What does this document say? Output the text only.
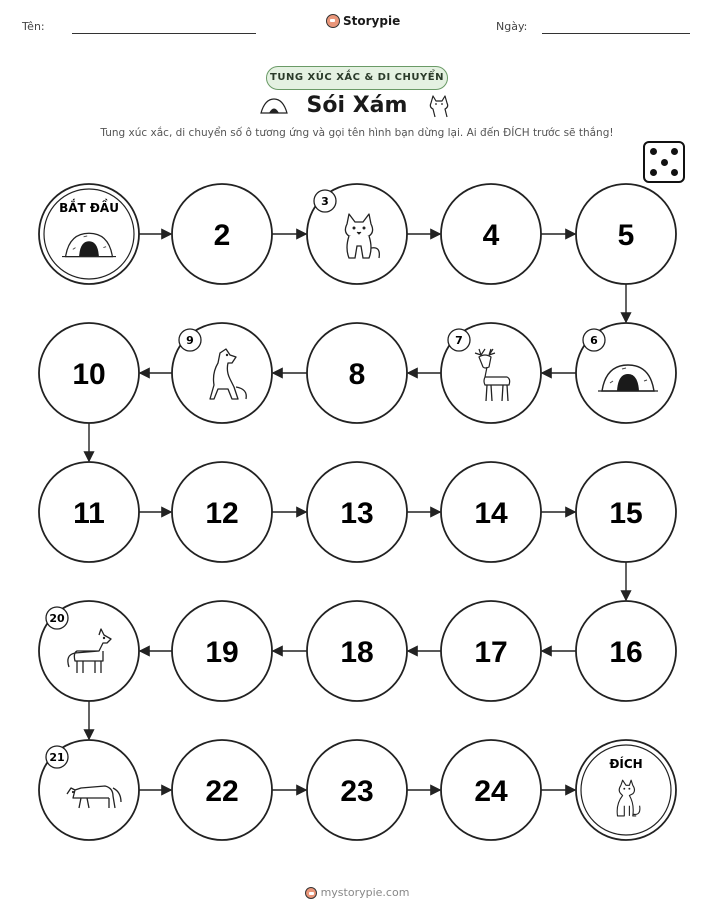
Tên:	Storypie	Ngày:
TUNG XÚC XẮC & DI CHUYỂN
Sói Xám
Tung xúc xắc, di chuyển số ô tương ứng và gọi tên hình bạn dừng lại. Ai đến ĐÍCH trước sẽ thắng!
BẮT ĐẦU
2
3
4	5
6
7
8
9
10
11	12	13	14	15
16
17
18
19
20
21
22	23	24
ĐÍCH
mystorypie.com
